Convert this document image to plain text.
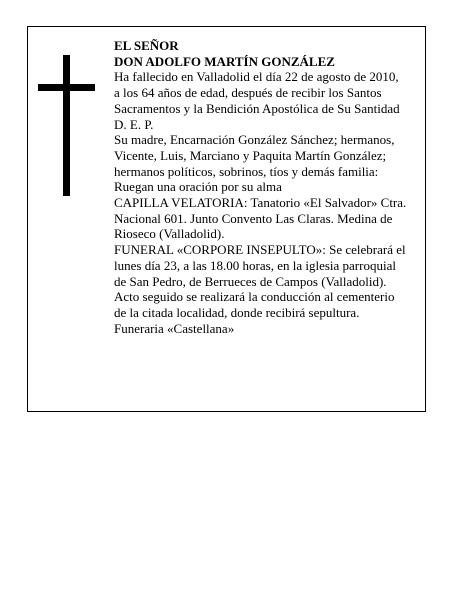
EL SEÑOR
DON ADOLFO MARTÍN GONZÁLEZ
Ha fallecido en Valladolid el día 22 de agosto de 2010,
a los 64 años de edad, después de recibir los Santos
Sacramentos y la Bendición Apostólica de Su Santidad
D. E. P.
Su madre, Encarnación González Sánchez; hermanos,
Vicente, Luis, Marciano y Paquita Martín González;
hermanos políticos, sobrinos, tíos y demás familia:
Ruegan una oración por su alma
CAPILLA VELATORIA: Tanatorio «El Salvador» Ctra.
Nacional 601. Junto Convento Las Claras. Medina de
Rioseco (Valladolid).
FUNERAL «CORPORE INSEPULTO»: Se celebrará el
lunes día 23, a las 18.00 horas, en la iglesia parroquial
de San Pedro, de Berrueces de Campos (Valladolid).
Acto seguido se realizará la conducción al cementerio
de la citada localidad, donde recibirá sepultura.
Funeraria «Castellana»
